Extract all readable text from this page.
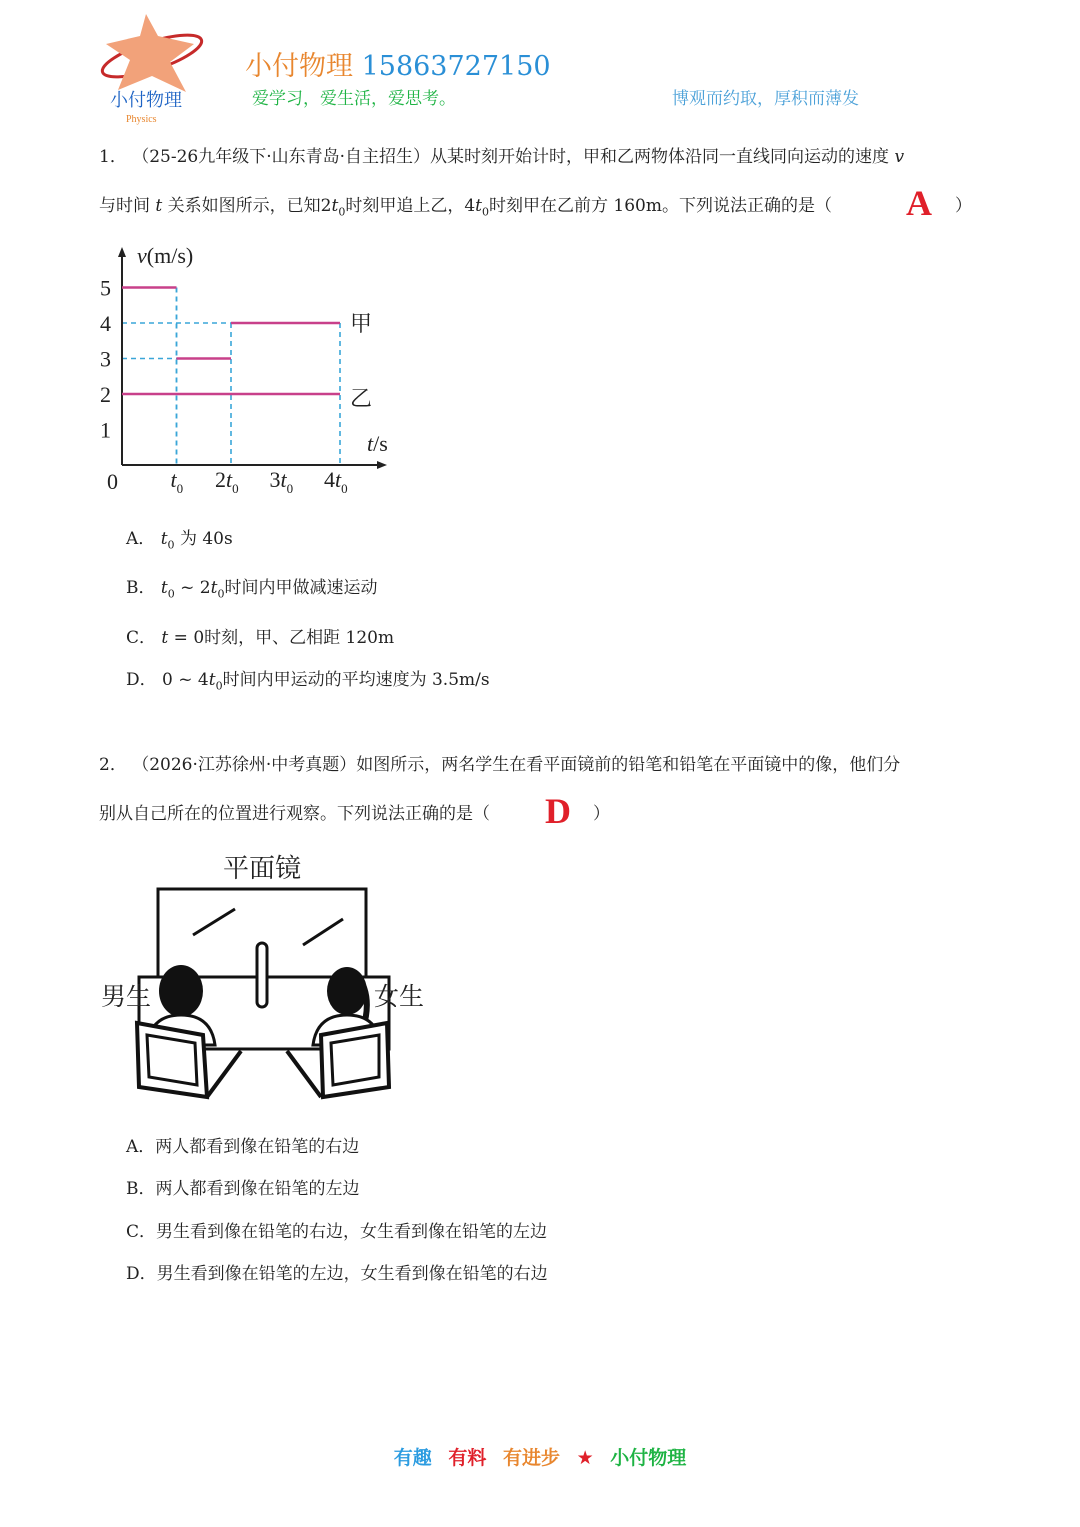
小付物理
Physics
小付物理 15863727150
爱学习，爱生活，爱思考。	博观而约取，厚积而薄发
1． （25-26九年级下·山东青岛·自主招生）从某时刻开始计时，甲和乙两物体沿同一直线同向运动的速度 v
与时间 t 关系如图所示，已知$2t_0$时刻甲追上乙，$4t_0$时刻甲在乙前方 160m。下列说法正确的是（ A ）
甲
乙
1
2
3
4
5
0 $t_0$ $2t_0$ $3t_0$ $4t_0$
v(m/s)
t/s
A． $t_0$ 为 40s
B． $t_0$ ~ $2t_0$时间内甲做减速运动
C． t = 0时刻，甲、乙相距 120m
D． 0 ~ $4t_0$时间内甲运动的平均速度为 3.5m/s
2． （2026·江苏徐州·中考真题）如图所示，两名学生在看平面镜前的铅笔和铅笔在平面镜中的像，他们分
别从自己所在的位置进行观察。下列说法正确的是（ D ）
平面镜
男生	女生
A．两人都看到像在铅笔的右边
B．两人都看到像在铅笔的左边
C．男生看到像在铅笔的右边，女生看到像在铅笔的左边
D．男生看到像在铅笔的左边，女生看到像在铅笔的右边
有趣 有料 有进步 ★ 小付物理
